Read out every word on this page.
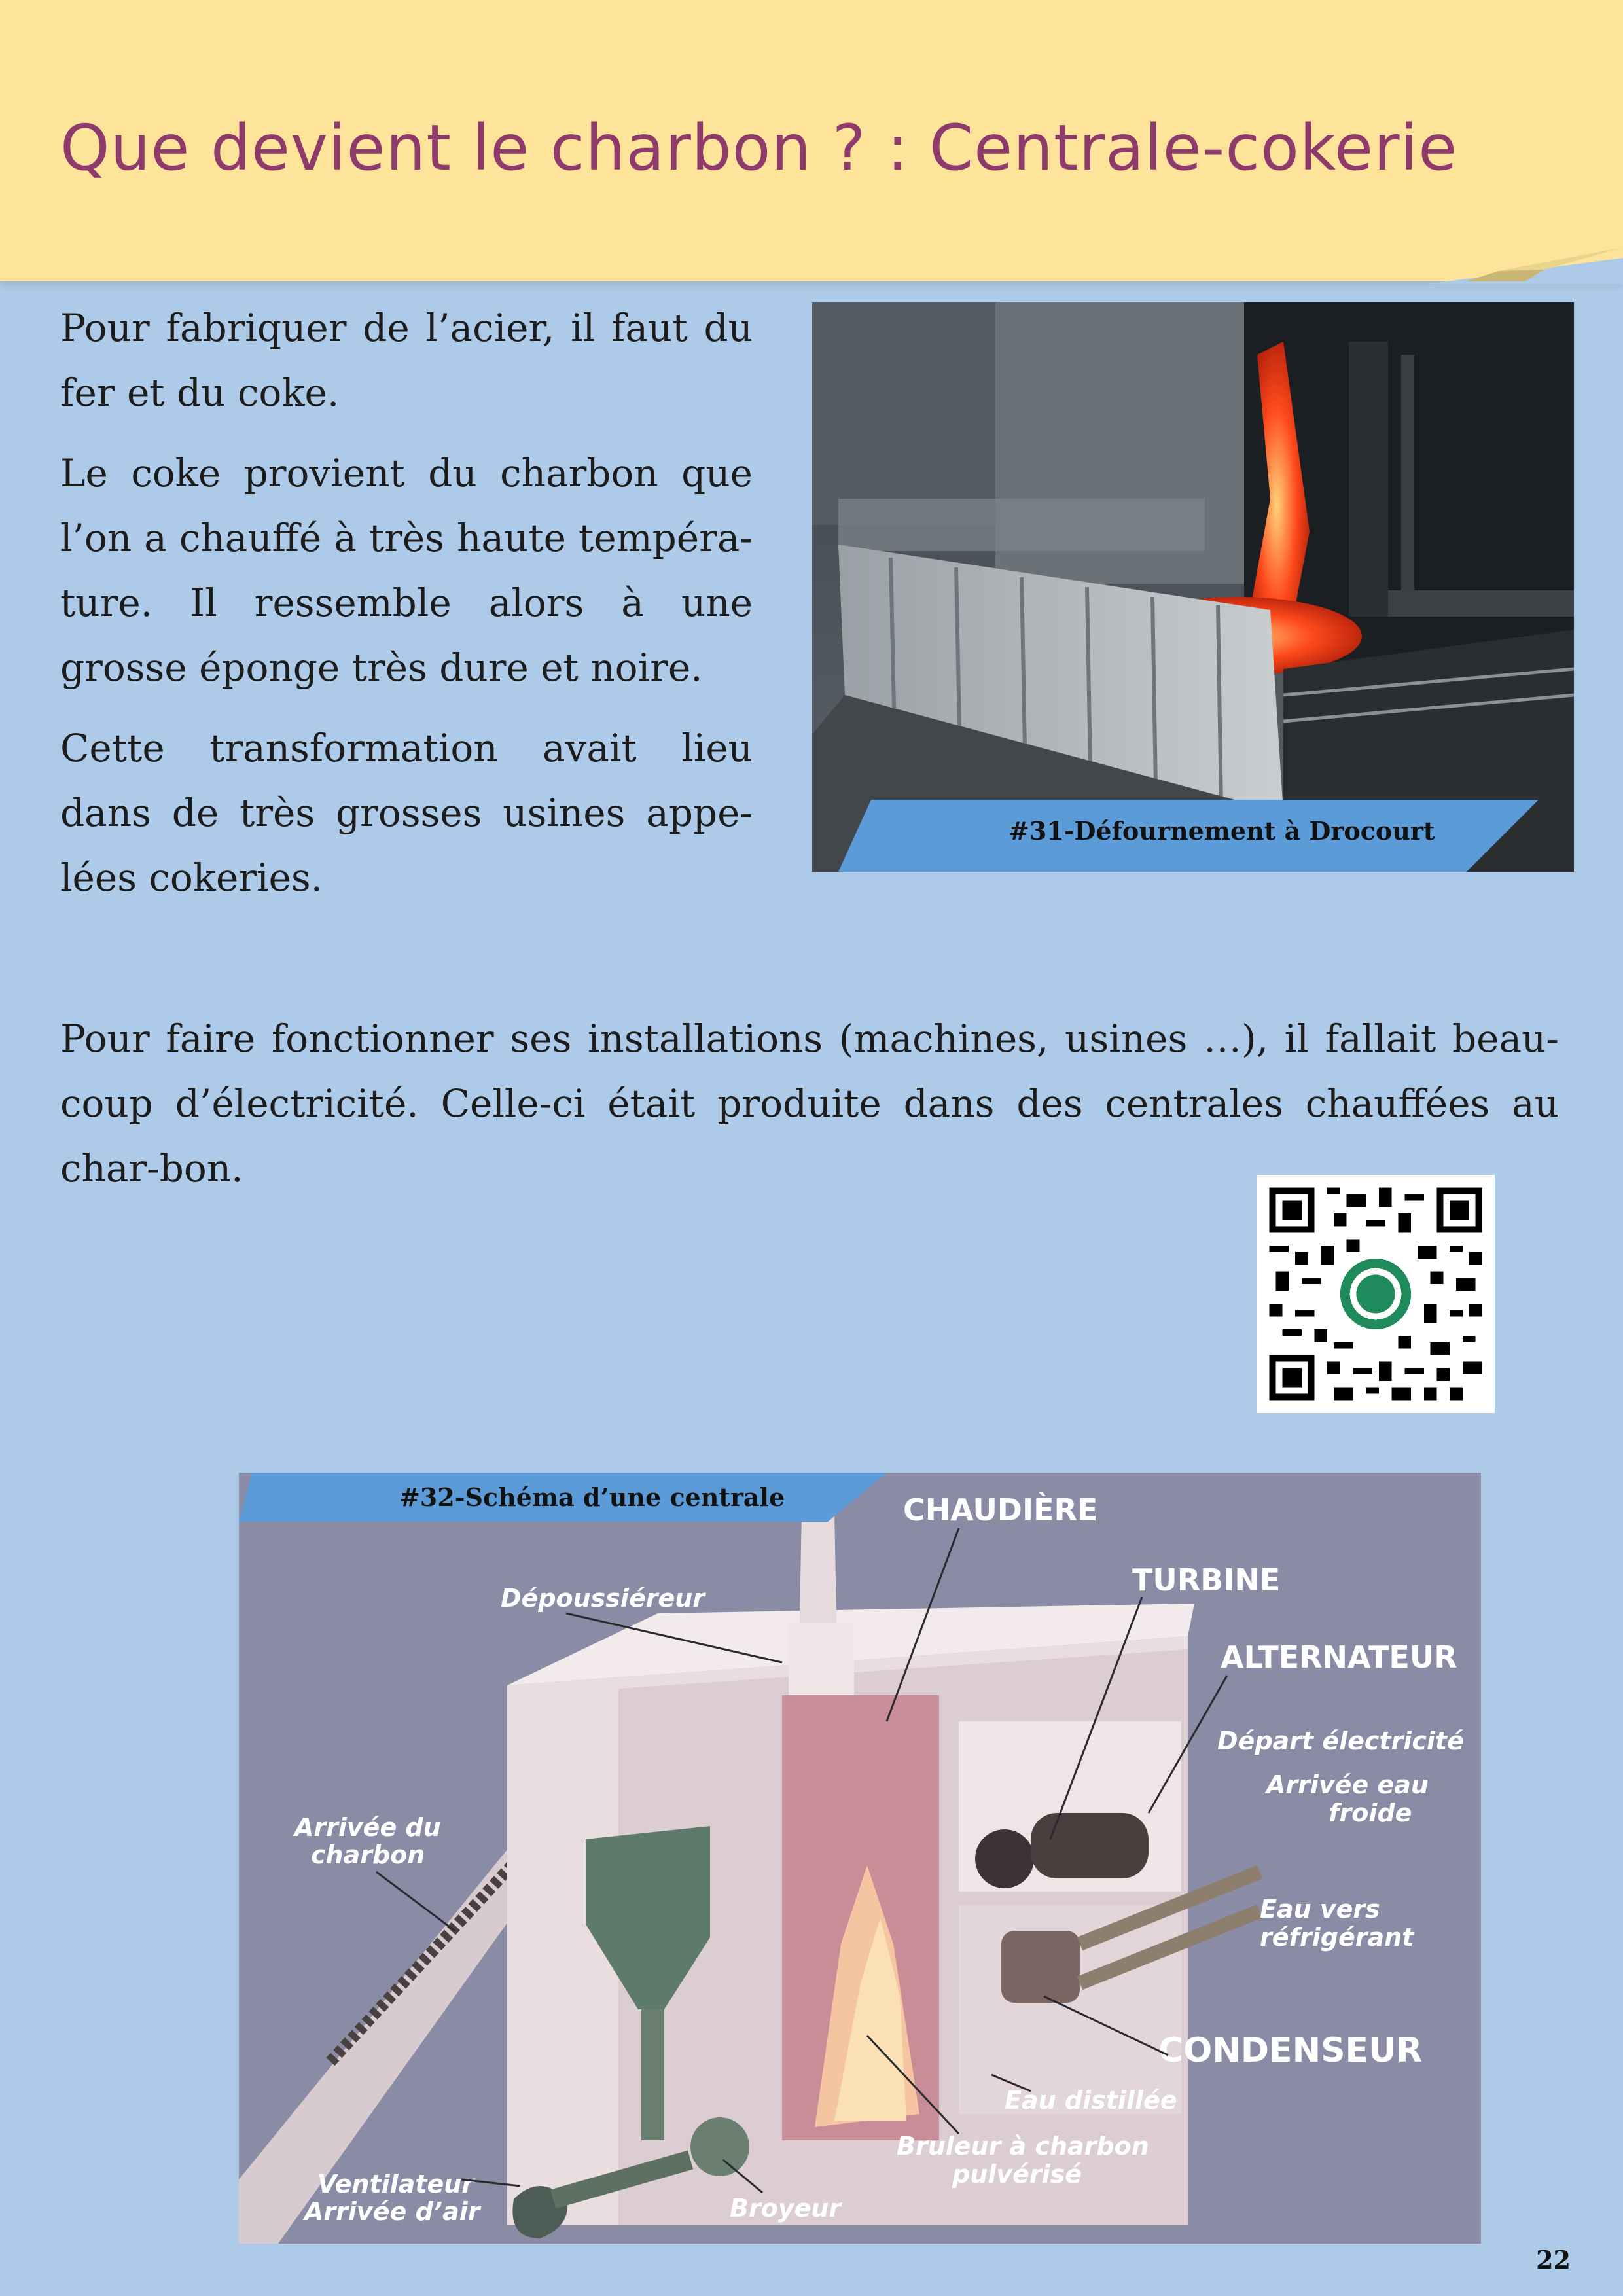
Que devient le charbon ? : Centrale-cokerie

Pour fabriquer de l’acier, il faut du fer et du coke.

Le coke provient du charbon que l’on a chauffé à très haute tempéra-ture. Il ressemble alors à une grosse éponge très dure et noire.

Cette transformation avait lieu dans de très grosses usines appe-lées cokeries.

#31-Défournement à Drocourt

Pour faire fonctionner ses installations (machines, usines …), il fallait beau-coup d’électricité. Celle-ci était produite dans des centrales chauffées au char-bon.

CHAUDIÈRE
TURBINE
ALTERNATEUR
CONDENSEUR
Dépoussiéreur
Départ électricité
Arrivée eau
froide
Eau vers
réfrigérant
Arrivée du
charbon
Eau distillée
Bruleur à charbon
pulvérisé
Broyeur
Ventilateur
Arrivée d’air
#32-Schéma d’une centrale
22
